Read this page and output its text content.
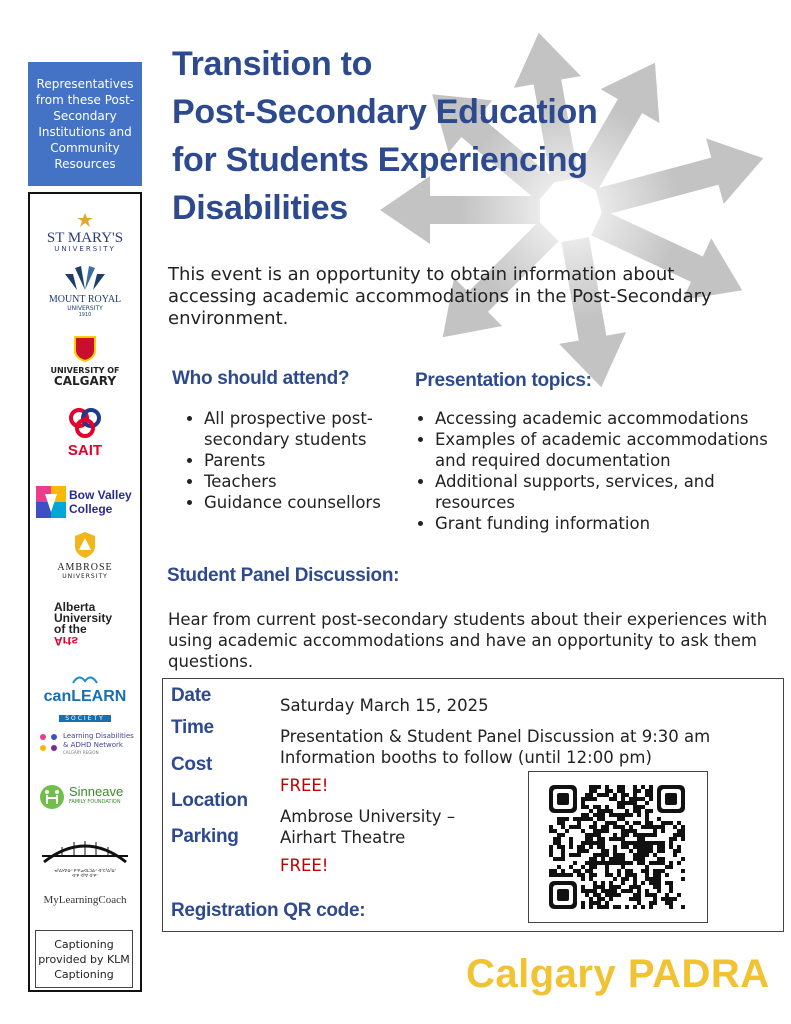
Representatives from these Post-Secondary Institutions and Community Resources
ST MARY'S
UNIVERSITY
MOUNT ROYAL
UNIVERSITY
1910
UNIVERSITY OF
CALGARY
SAIT
Bow Valley
College
AMBROSE
UNIVERSITY
Alberta
University
of the
Arts
canLEARN
SOCIETY
Learning Disabilities
& ADHD Network
CALGARY REGION
Sinneave
FAMILY FOUNDATION
ᓀᐦᐃᔭᐍᐏᐣ ᑭᐢᑭᓄᐊᒪᑐᐏᐣ ᐊᐢᑕᐦᐃᐦᐃᐣ
ᐊᐢᑭ ᐊᐦᐁ ᐊᐢᑭᐟ
MyLearningCoach
Captioning provided by KLM Captioning
Transition to
Post-Secondary Education
for Students Experiencing
Disabilities
This event is an opportunity to obtain information about accessing academic accommodations in the Post-Secondary environment.
Who should attend?
• All prospective post-secondary students
• Parents
• Teachers
• Guidance counsellors
Presentation topics:
• Accessing academic accommodations
• Examples of academic accommodations and required documentation
• Additional supports, services, and resources
• Grant funding information
Student Panel Discussion:
Hear from current post-secondary students about their experiences with using academic accommodations and have an opportunity to ask them questions.
Date
Time
Cost
Location
Parking
Saturday March 15, 2025
Presentation & Student Panel Discussion at 9:30 am
Information booths to follow (until 12:00 pm)
FREE!
Ambrose University –
Airhart Theatre
FREE!
Registration QR code:
Calgary PADRA
